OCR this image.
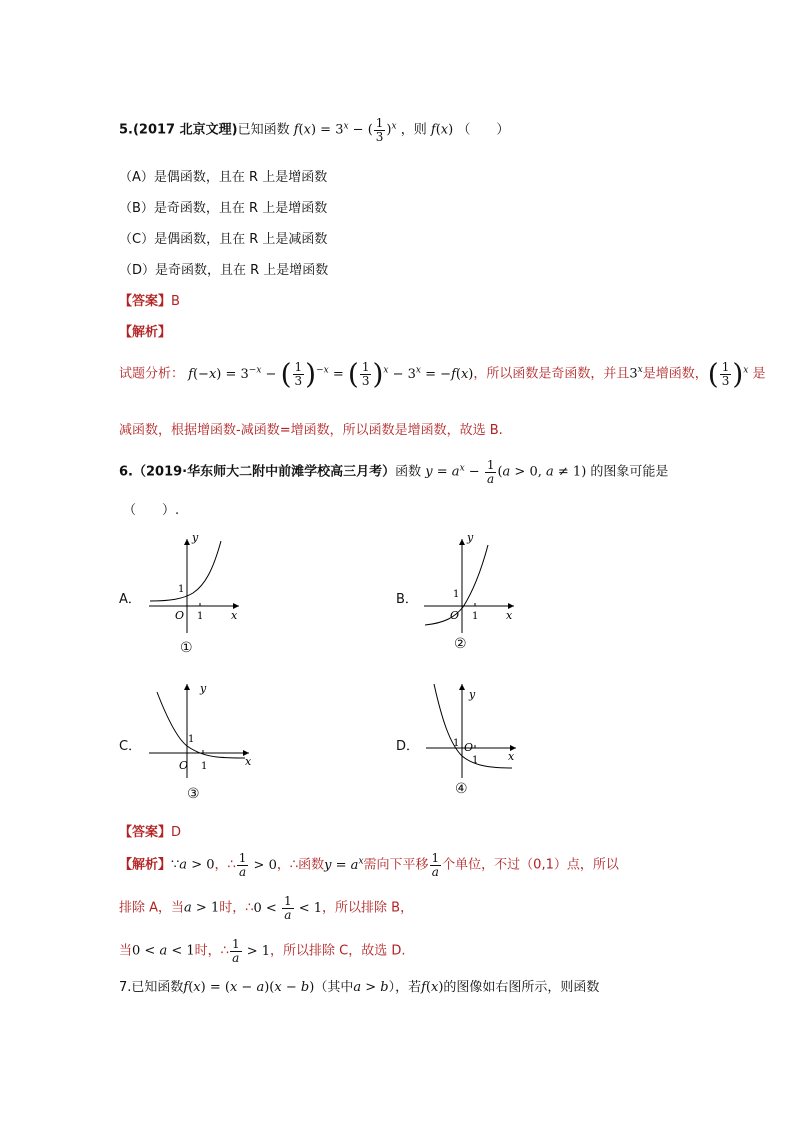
5.(2017 北京文理)已知函数 $f(x) = 3^x$ − ( $\frac{1}{3} )^x$ ，则 f(x) （　　）
（A）是偶函数，且在 R 上是增函数
（B）是奇函数，且在 R 上是增函数
（C）是偶函数，且在 R 上是减函数
（D）是奇函数，且在 R 上是增函数
【答案】B
【解析】
试题分析： $f(-x) = 3^{-x}$ − ( $\frac{1}{3} )^{-x}$ = ( $\frac{1}{3} )^x - 3^x = -f(x)$，所以函数是奇函数，并且3$^x$是增函数，( $\frac{1}{3} )^x$ 是
减函数，根据增函数-减函数=增函数，所以函数是增函数，故选 B.
6.（2019·华东师大二附中前滩学校高三月考）函数 $y = a^x - \frac{1}{a} (a > 0$, a ≠ 1) 的图象可能是
（　　）.
A．	B．
C．	D．
y
x
O 1
1
①
y
x
O 1
1
②
y
x
O 1
1
③
y
x
O
1
1
④
【答案】D
【解析】∵a > 0，∴ $\frac{1}{a} > 0$，∴函数$y = a^x$需向下平移 $\frac{1}{a}$ 个单位，不过（0,1）点，所以
排除 A，当a > 1时，∴0 < $\frac{1}{a} < 1$，所以排除 B，
当0 < a < 1时，∴ $\frac{1}{a} > 1$，所以排除 C，故选 D.
7.已知函数f(x) = (x − a)(x − b)（其中a > b），若f(x)的图像如右图所示，则函数
